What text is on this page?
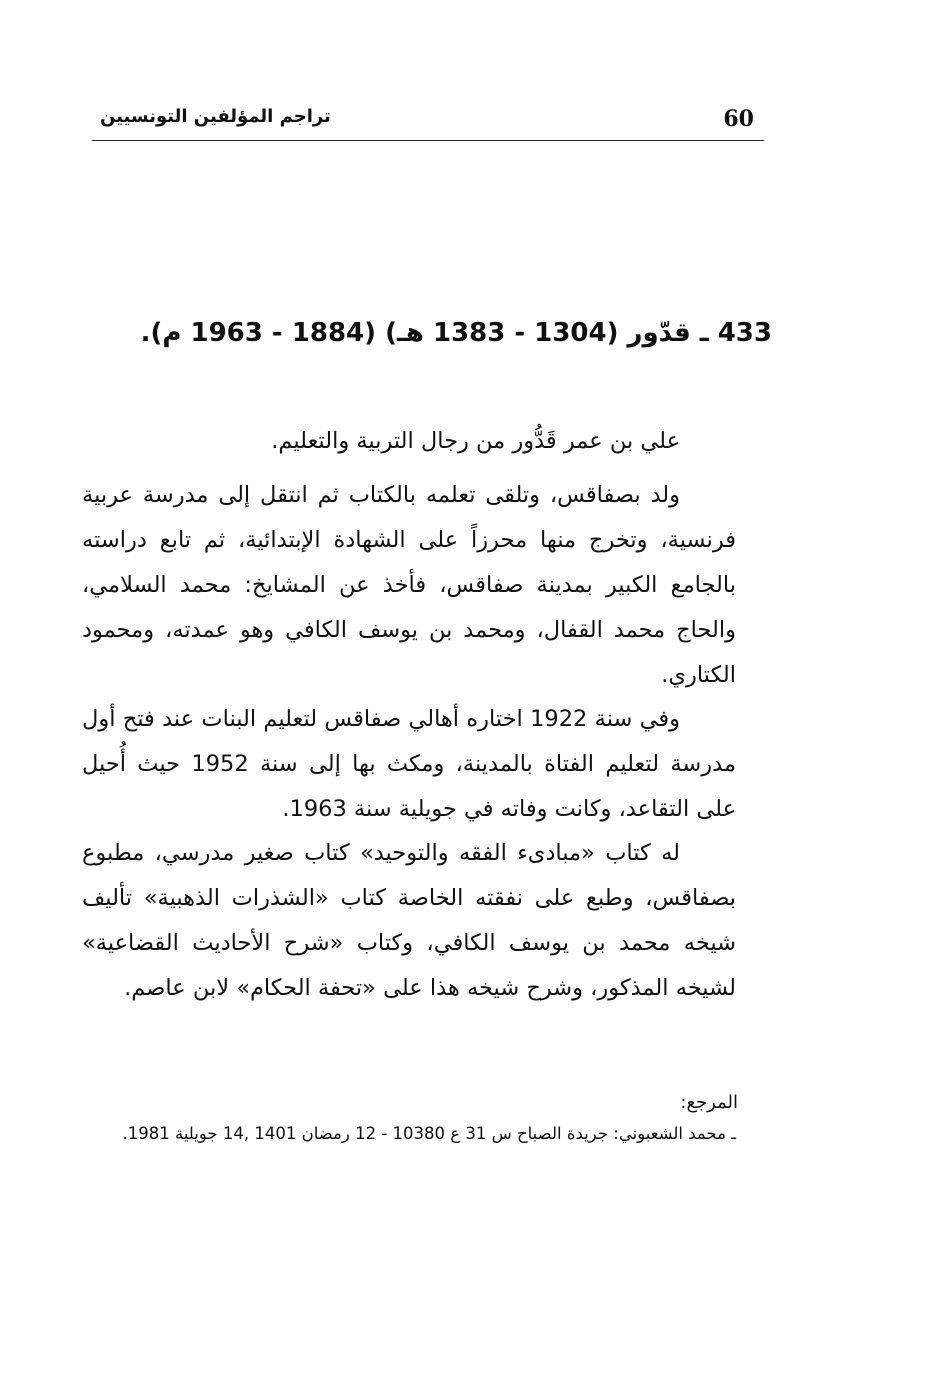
60
تراجم المؤلفين التونسيين
433 ـ قدّور (1304 - 1383 هـ) (1884 - 1963 م).

علي بن عمر قَدُّور من رجال التربية والتعليم.

ولد بصفاقس، وتلقى تعلمه بالكتاب ثم انتقل إلى مدرسة عربية فرنسية، وتخرج منها محرزاً على الشهادة الإبتدائية، ثم تابع دراسته بالجامع الكبير بمدينة صفاقس، فأخذ عن المشايخ: محمد السلامي، والحاج محمد القفال، ومحمد بن يوسف الكافي وهو عمدته، ومحمود الكتاري.

وفي سنة 1922 اختاره أهالي صفاقس لتعليم البنات عند فتح أول مدرسة لتعليم الفتاة بالمدينة، ومكث بها إلى سنة 1952 حيث أُحيل على التقاعد، وكانت وفاته في جويلية سنة 1963.

له كتاب «مبادىء الفقه والتوحيد» كتاب صغير مدرسي، مطبوع بصفاقس، وطبع على نفقته الخاصة كتاب «الشذرات الذهبية» تأليف شيخه محمد بن يوسف الكافي، وكتاب «شرح الأحاديث القضاعية» لشيخه المذكور، وشرح شيخه هذا على «تحفة الحكام» لابن عاصم.

المرجع:
ـ محمد الشعبوني: جريدة الصباح س 31 ع 10380 - 12 رمضان 1401 ,14 جويلية 1981.
